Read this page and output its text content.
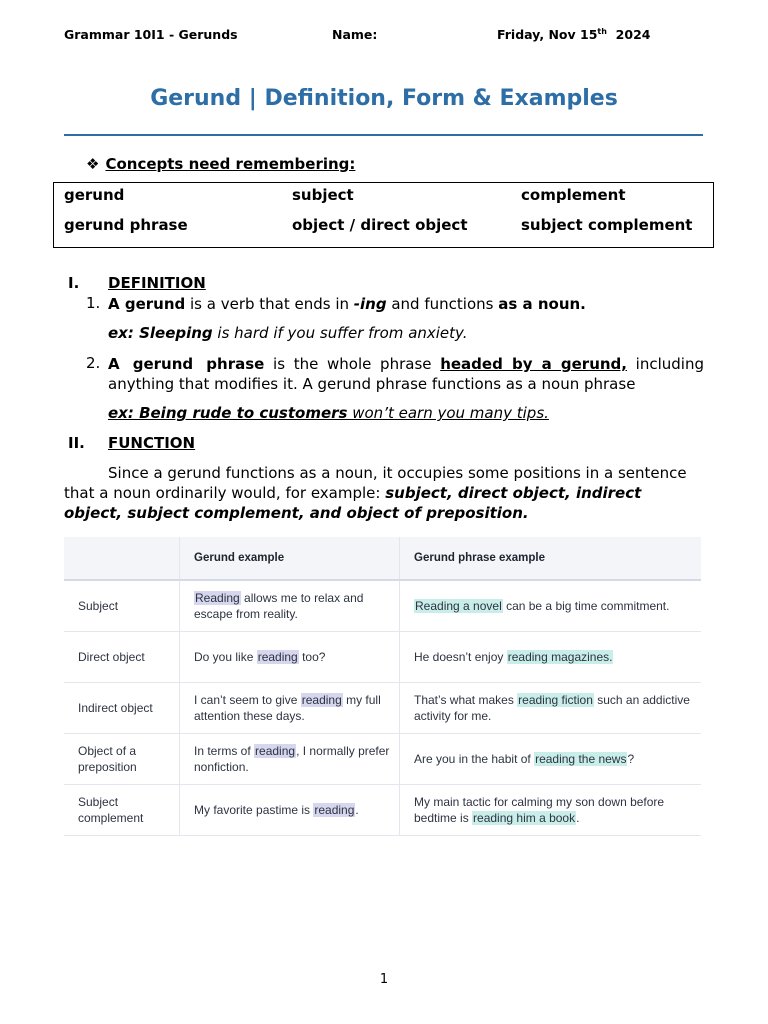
Grammar 10I1 - Gerunds	Name:	Friday, Nov 15th 2024
Gerund | Definition, Form & Examples
❖ Concepts need remembering:
gerund	subject	complement
gerund phrase	object / direct object	subject complement
I. DEFINITION
1. A gerund is a verb that ends in -ing and functions as a noun.
ex: Sleeping is hard if you suffer from anxiety.
2. A gerund phrase is the whole phrase headed by a gerund, including anything that modifies it. A gerund phrase functions as a noun phrase
ex: Being rude to customers won’t earn you many tips.
II. FUNCTION
Since a gerund functions as a noun, it occupies some positions in a sentence that a noun ordinarily would, for example: subject, direct object, indirect object, subject complement, and object of preposition.
	Gerund example	Gerund phrase example
Subject	Reading allows me to relax and escape from reality.	Reading a novel can be a big time commitment.
Direct object	Do you like reading too?	He doesn’t enjoy reading magazines.
Indirect object	I can’t seem to give reading my full attention these days.	That’s what makes reading fiction such an addictive activity for me.
Object of a preposition	In terms of reading, I normally prefer nonfiction.	Are you in the habit of reading the news?
Subject complement	My favorite pastime is reading.	My main tactic for calming my son down before bedtime is reading him a book.
1
